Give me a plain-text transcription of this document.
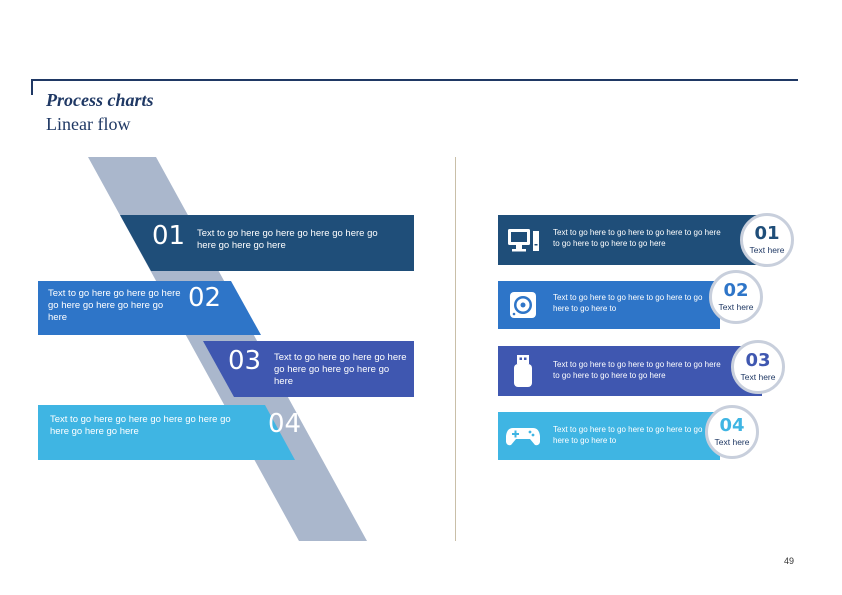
Process charts
Linear flow
01 Text to go here go here go here go here go here go here go here
Text to go here go here go here go here go here go here go here
02
03 Text to go here go here go here go here go here go here go here
Text to go here go here go here go here go here go here go here	04
Text to go here to go here to go here to go here to go here to go here to go here	01
Text here
Text to go here to go here to go here to go here to go here to
02
Text here
Text to go here to go here to go here to go here to go here to go here to go here
03
Text here
Text to go here to go here to go here to go here to go here to
04
Text here
49
